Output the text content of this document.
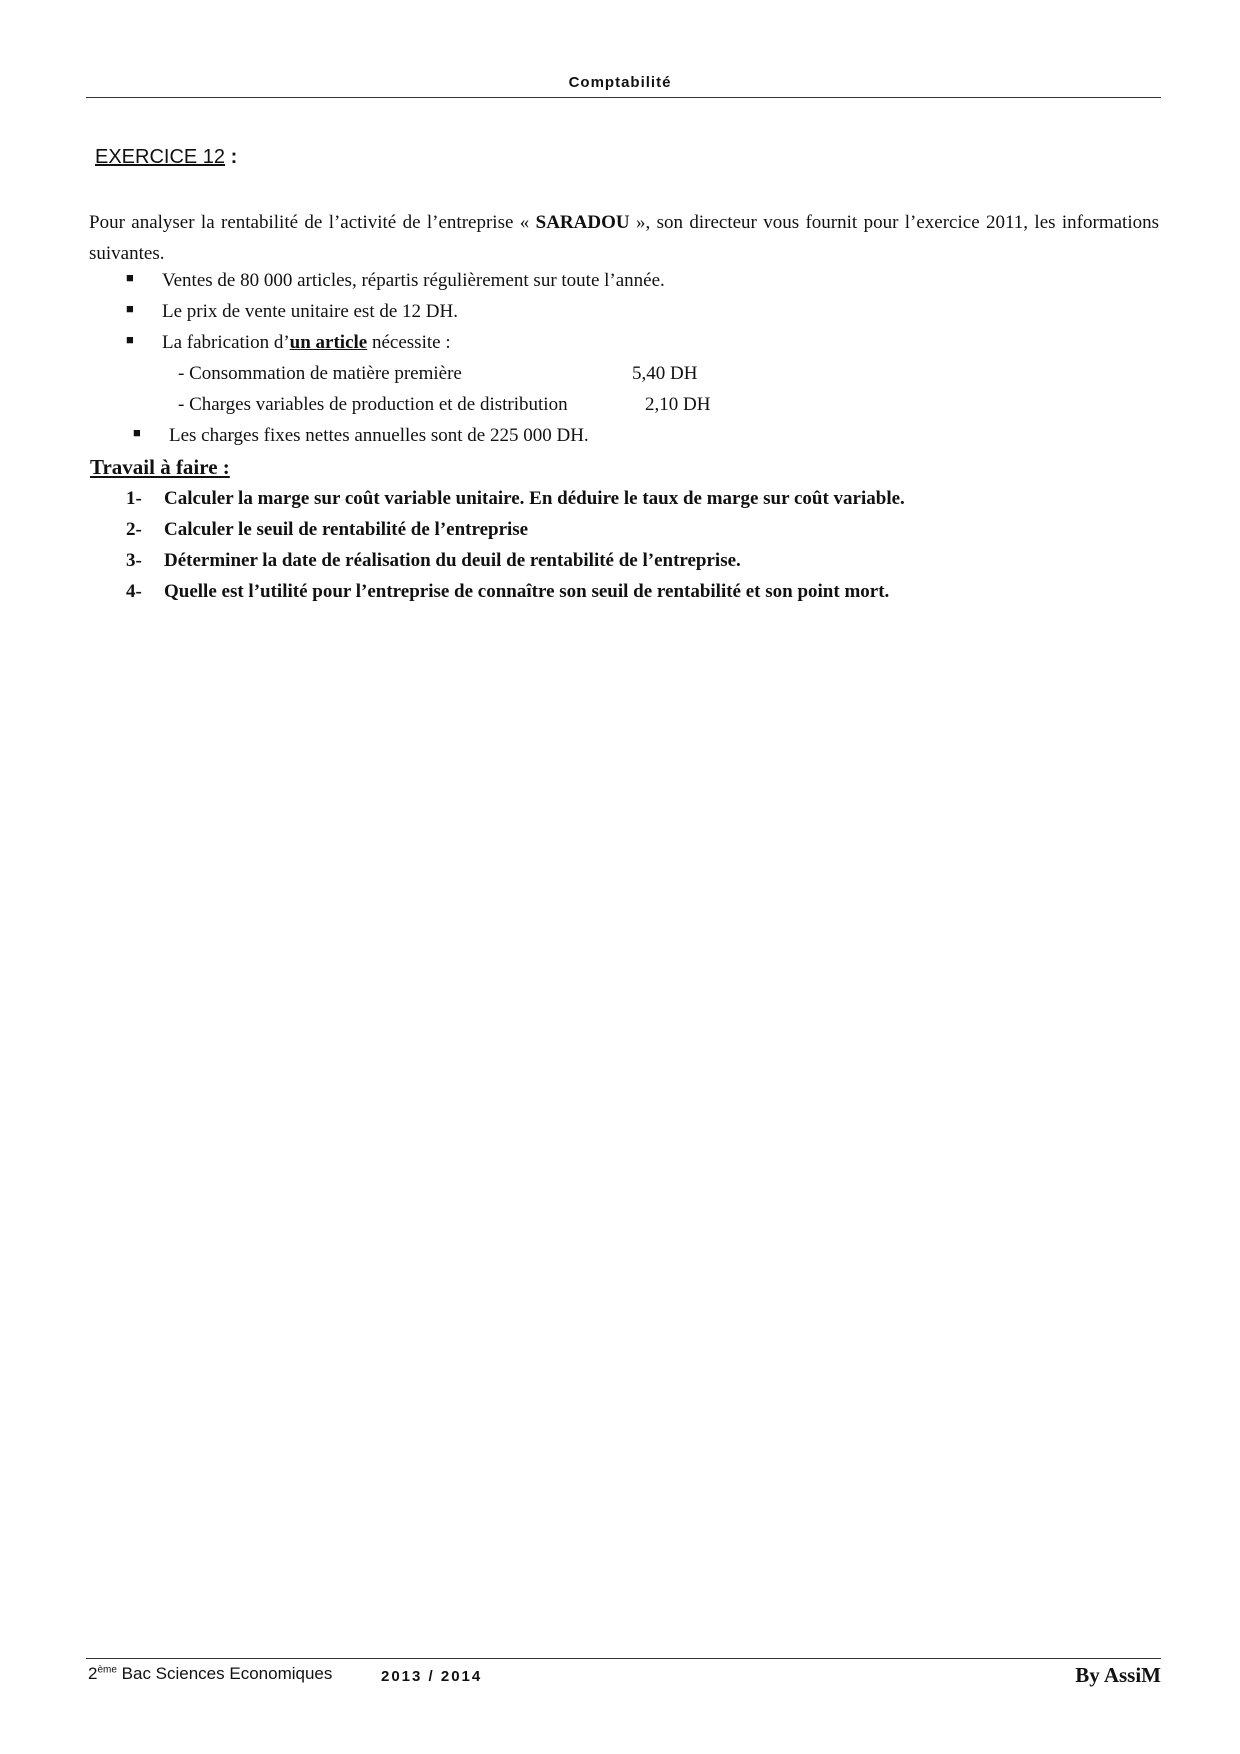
Comptabilité
EXERCICE 12 :
Pour analyser la rentabilité de l’activité de l’entreprise « SARADOU », son directeur vous fournit pour l’exercice 2011, les informations suivantes.
■ Ventes de 80 000 articles, répartis régulièrement sur toute l’année.
■ Le prix de vente unitaire est de 12 DH.
■ La fabrication d’un article nécessite :
- Consommation de matière première	5,40 DH
- Charges variables de production et de distribution	2,10 DH
■ Les charges fixes nettes annuelles sont de 225 000 DH.
Travail à faire :
1- Calculer la marge sur coût variable unitaire. En déduire le taux de marge sur coût variable.
2- Calculer le seuil de rentabilité de l’entreprise
3- Déterminer la date de réalisation du deuil de rentabilité de l’entreprise.
4- Quelle est l’utilité pour l’entreprise de connaître son seuil de rentabilité et son point mort.
2ème Bac Sciences Economiques	2013 / 2014	By AssiM
